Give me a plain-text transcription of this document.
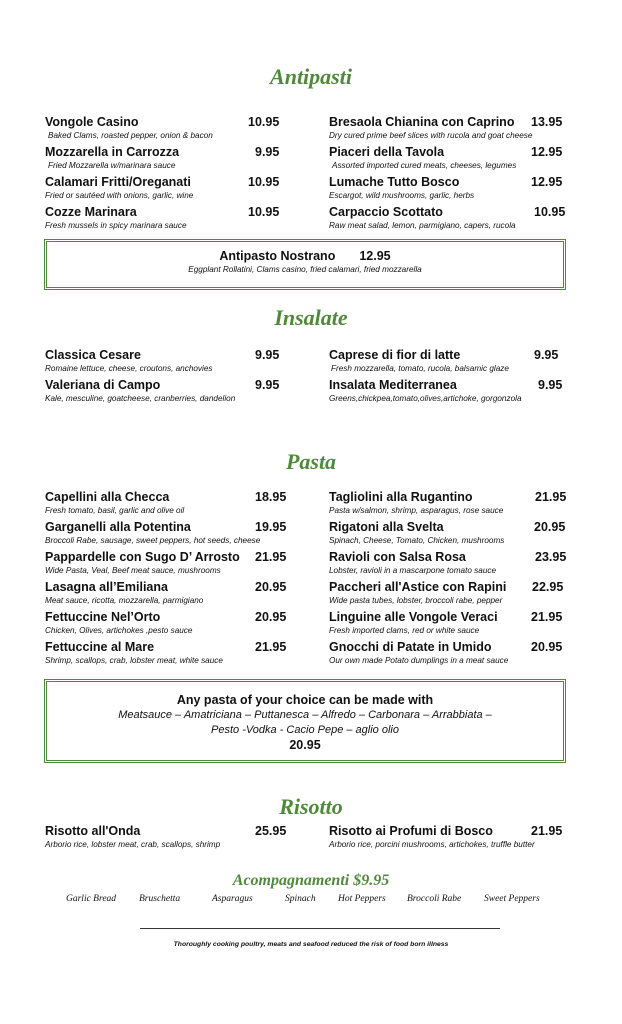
Antipasti
Vongole Casino	10.95
Baked Clams, roasted pepper, onion & bacon
Mozzarella in Carrozza	9.95
Fried Mozzarella w/marinara sauce
Calamari Fritti/Oreganati	10.95
Fried or sautéed with onions, garlic, wine
Cozze Marinara	10.95
Fresh mussels in spicy marinara sauce
Bresaola Chianina con Caprino	13.95
Dry cured prime beef slices with rucola and goat cheese
Piaceri della Tavola	12.95
Assorted imported cured meats, cheeses, legumes
Lumache Tutto Bosco	12.95
Escargot, wild mushrooms, garlic, herbs
Carpaccio Scottato	10.95
Raw meat salad, lemon, parmigiano, capers, rucola
Antipasto Nostrano 12.95
Eggplant Rollatini, Clams casino, fried calamari, fried mozzarella
Insalate
Classica Cesare	9.95
Romaine lettuce, cheese, croutons, anchovies
Valeriana di Campo	9.95
Kale, mesculine, goatcheese, cranberries, dandelion
Caprese di fior di latte	9.95
Fresh mozzarella, tomato, rucola, balsamic glaze
Insalata Mediterranea	9.95
Greens,chickpea,tomato,olives,artichoke, gorgonzola
Pasta
Capellini alla Checca	18.95
Fresh tomato, basil, garlic and olive oil
Garganelli alla Potentina	19.95
Broccoli Rabe, sausage, sweet peppers, hot seeds, cheese
Pappardelle con Sugo D’ Arrosto 21.95
Wide Pasta, Veal, Beef meat sauce, mushrooms
Lasagna all’Emiliana	20.95
Meat sauce, ricotta, mozzarella, parmigiano
Fettuccine Nel’Orto	20.95
Chicken, Olives, artichokes ,pesto sauce
Fettuccine al Mare	21.95
Shrimp, scallops, crab, lobster meat, white sauce
Tagliolini alla Rugantino	21.95
Pasta w/salmon, shrimp, asparagus, rose sauce
Rigatoni alla Svelta	20.95
Spinach, Cheese, Tomato, Chicken, mushrooms
Ravioli con Salsa Rosa	23.95
Lobster, ravioli in a mascarpone tomato sauce
Paccheri all'Astice con Rapini 22.95
Wide pasta tubes, lobster, broccoli rabe, pepper
Linguine alle Vongole Veraci	21.95
Fresh imported clams, red or white sauce
Gnocchi di Patate in Umido	20.95
Our own made Potato dumplings in a meat sauce
Any pasta of your choice can be made with
Meatsauce – Amatriciana – Puttanesca – Alfredo – Carbonara – Arrabbiata –
Pesto -Vodka - Cacio Pepe – aglio olio
20.95
Risotto
Risotto all'Onda	25.95
Arborio rice, lobster meat, crab, scallops, shrimp
Risotto ai Profumi di Bosco	21.95
Arborio rice, porcini mushrooms, artichokes, truffle butter
Acompagnamenti $9.95
Garlic Bread Bruschetta	Asparagus	Spinach Hot Peppers Broccoli Rabe Sweet Peppers
Thoroughly cooking poultry, meats and seafood reduced the risk of food born illness
